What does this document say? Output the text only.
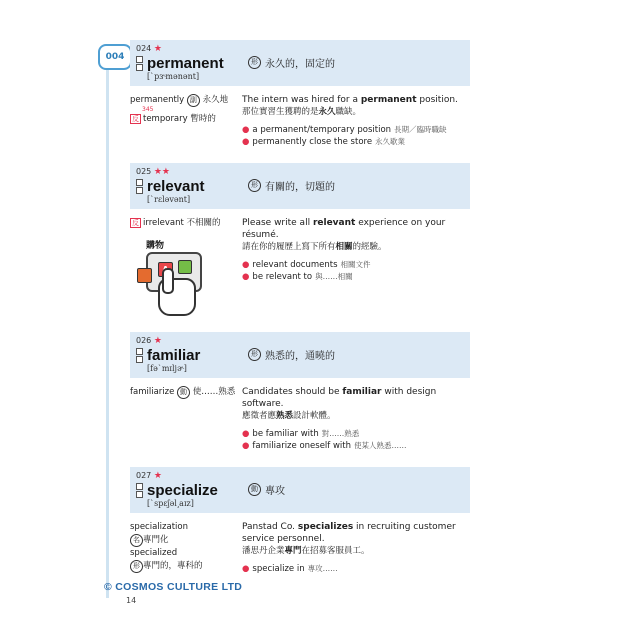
004
024 ★
permanent
[ˋpɝmənənt]
形 永久的，固定的
permanently 副 永久地
345
反 temporary 暫時的
The intern was hired for a permanent position.
那位實習生獲聘的是永久職缺。
● a permanent/temporary position 長期／臨時職缺
● permanently close the store 永久歇業
025 ★★
relevant
[ˋrɛləvənt]
形 有關的，切題的
反 irrelevant 不相關的	Please write all relevant experience on your résumé.
請在你的履歷上寫下所有相關的經驗。
● relevant documents 相關文件
● be relevant to 與……相關
購物
026 ★
familiar
[fəˋmɪljɚ]
形 熟悉的，通曉的
familiarize 動 使……熟悉 Candidates should be familiar with design software.
應徵者應熟悉設計軟體。
● be familiar with 對……熟悉
● familiarize oneself with 使某人熟悉……
027 ★
specialize
[ˋspɛʃəl͵aɪz]
動 專攻
specialization
名 專門化
specialized
形 專門的，專科的
Panstad Co. specializes in recruiting customer service personnel.
潘思丹企業專門在招募客服員工。
● specialize in 專攻……
© COSMOS CULTURE LTD
14
